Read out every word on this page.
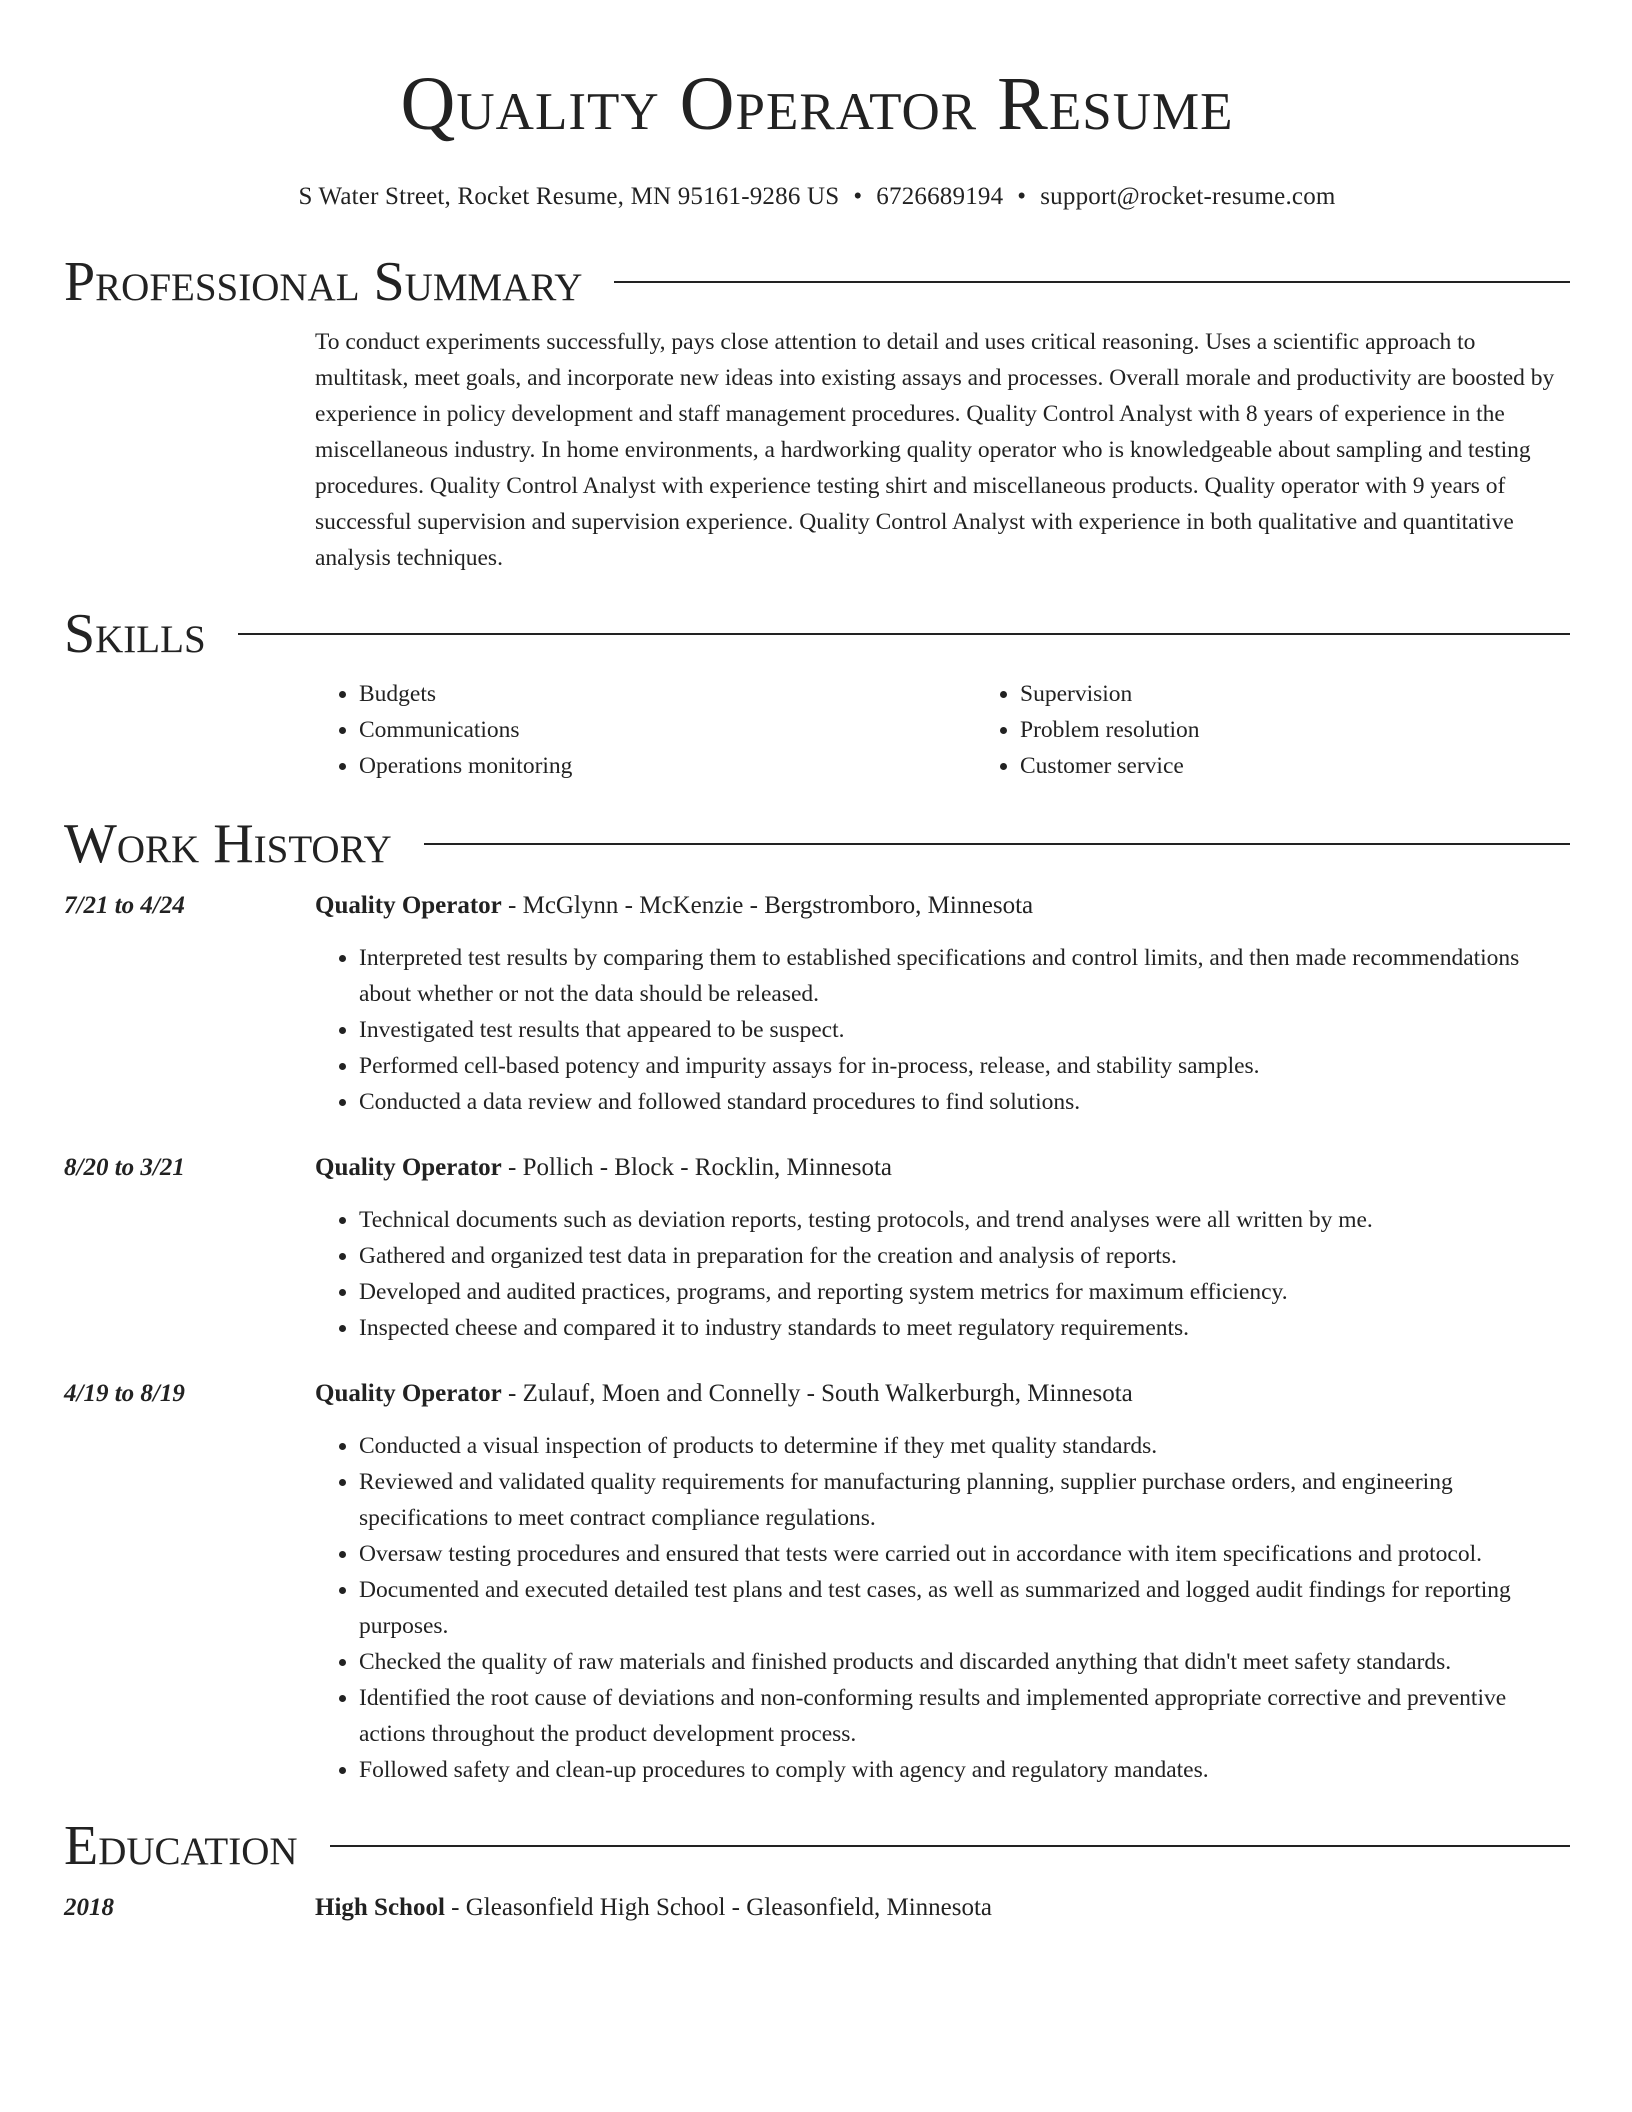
Quality Operator Resume
S Water Street, Rocket Resume, MN 95161-9286 US • 6726689194 • support@rocket-resume.com
Professional Summary
To conduct experiments successfully, pays close attention to detail and uses critical reasoning. Uses a scientific approach to multitask, meet goals, and incorporate new ideas into existing assays and processes. Overall morale and productivity are boosted by experience in policy development and staff management procedures. Quality Control Analyst with 8 years of experience in the miscellaneous industry. In home environments, a hardworking quality operator who is knowledgeable about sampling and testing procedures. Quality Control Analyst with experience testing shirt and miscellaneous products. Quality operator with 9 years of successful supervision and supervision experience. Quality Control Analyst with experience in both qualitative and quantitative analysis techniques.
Skills
• Budgets
• Communications
• Operations monitoring
• Supervision
• Problem resolution
• Customer service
Work History
7/21 to 4/24	Quality Operator - McGlynn - McKenzie - Bergstromboro, Minnesota
• Interpreted test results by comparing them to established specifications and control limits, and then made recommendations about whether or not the data should be released.
• Investigated test results that appeared to be suspect.
• Performed cell-based potency and impurity assays for in-process, release, and stability samples.
• Conducted a data review and followed standard procedures to find solutions.
8/20 to 3/21	Quality Operator - Pollich - Block - Rocklin, Minnesota
• Technical documents such as deviation reports, testing protocols, and trend analyses were all written by me.
• Gathered and organized test data in preparation for the creation and analysis of reports.
• Developed and audited practices, programs, and reporting system metrics for maximum efficiency.
• Inspected cheese and compared it to industry standards to meet regulatory requirements.
4/19 to 8/19	Quality Operator - Zulauf, Moen and Connelly - South Walkerburgh, Minnesota
• Conducted a visual inspection of products to determine if they met quality standards.
• Reviewed and validated quality requirements for manufacturing planning, supplier purchase orders, and engineering specifications to meet contract compliance regulations.
• Oversaw testing procedures and ensured that tests were carried out in accordance with item specifications and protocol.
• Documented and executed detailed test plans and test cases, as well as summarized and logged audit findings for reporting purposes.
• Checked the quality of raw materials and finished products and discarded anything that didn't meet safety standards.
• Identified the root cause of deviations and non-conforming results and implemented appropriate corrective and preventive actions throughout the product development process.
• Followed safety and clean-up procedures to comply with agency and regulatory mandates.
Education
2018	High School - Gleasonfield High School - Gleasonfield, Minnesota
